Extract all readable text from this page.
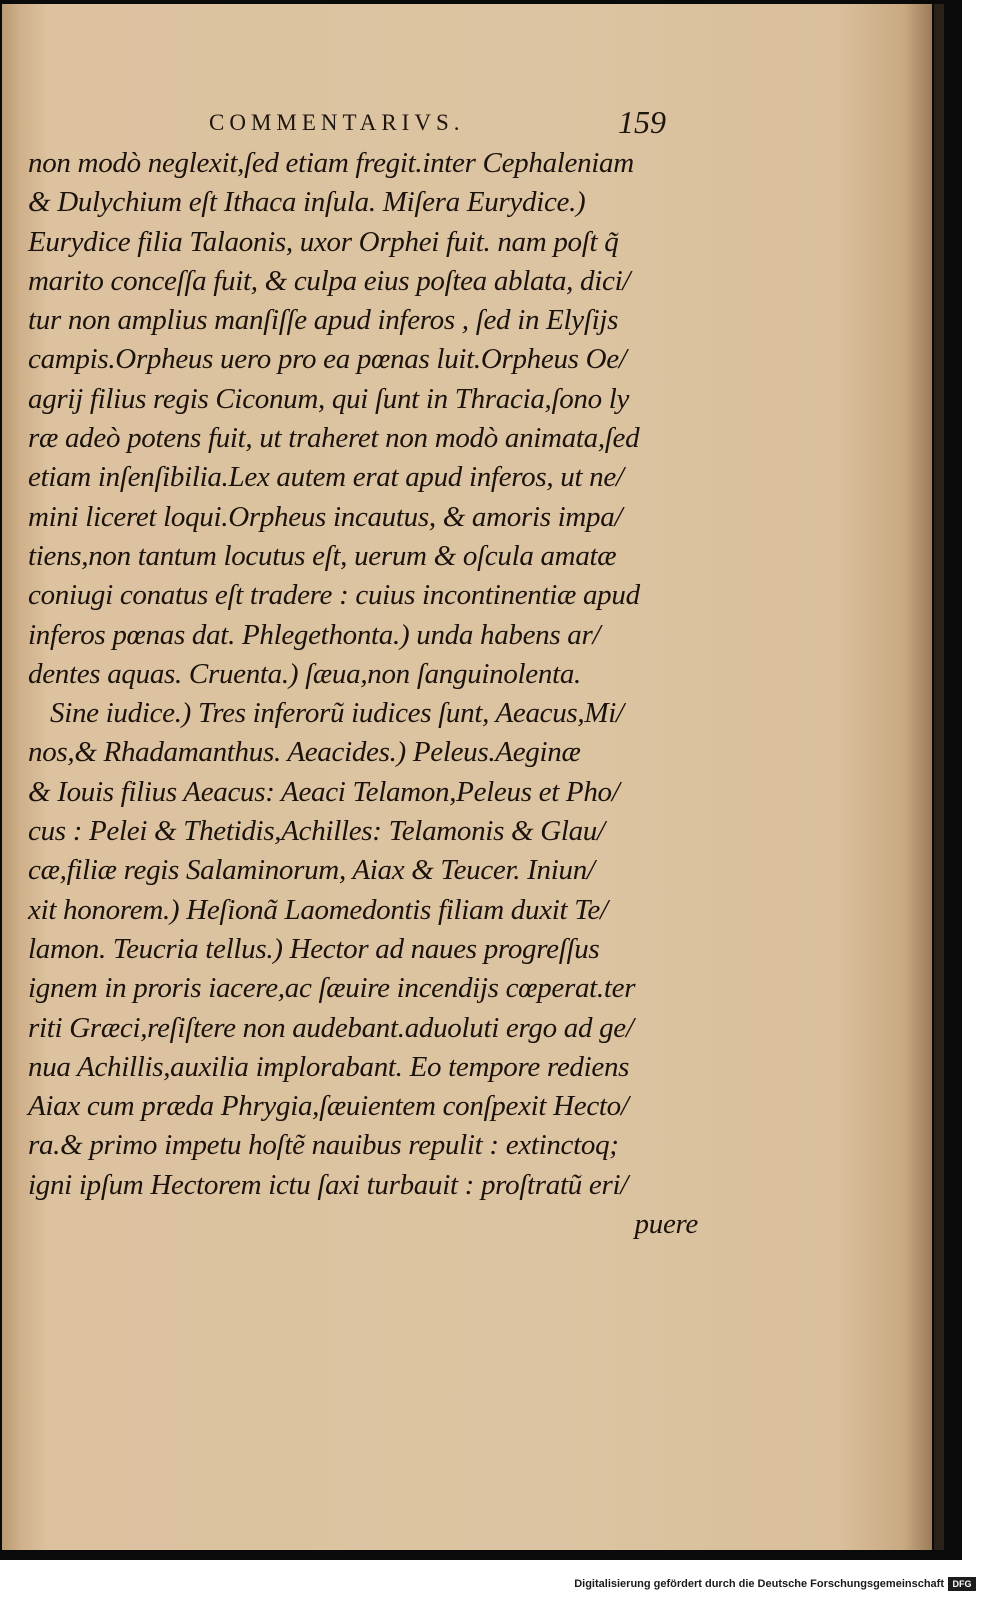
COMMENTARIVS.	159
non modò neglexit,ſed etiam fregit.inter Cephaleniam
& Dulychium eſt Ithaca inſula. Miſera Eurydice.)
Eurydice filia Talaonis, uxor Orphei fuit. nam poſt q̃
marito conceſſa fuit, & culpa eius poſtea ablata, dici/
tur non amplius manſiſſe apud inferos , ſed in Elyſijs
campis.Orpheus uero pro ea pœnas luit.Orpheus Oe/
agrij filius regis Ciconum, qui ſunt in Thracia,ſono ly
ræ adeò potens fuit, ut traheret non modò animata,ſed
etiam inſenſibilia.Lex autem erat apud inferos, ut ne/
mini liceret loqui.Orpheus incautus, & amoris impa/
tiens,non tantum locutus eſt, uerum & oſcula amatæ
coniugi conatus eſt tradere : cuius incontinentiæ apud
inferos pœnas dat. Phlegethonta.) unda habens ar/
dentes aquas. Cruenta.) ſæua,non ſanguinolenta.
Sine iudice.) Tres inferorũ iudices ſunt, Aeacus,Mi/
nos,& Rhadamanthus. Aeacides.) Peleus.Aeginæ
& Iouis filius Aeacus: Aeaci Telamon,Peleus et Pho/
cus : Pelei & Thetidis,Achilles: Telamonis & Glau/
cæ,filiæ regis Salaminorum, Aiax & Teucer. Iniun/
xit honorem.) Heſionã Laomedontis filiam duxit Te/
lamon. Teucria tellus.) Hector ad naues progreſſus
ignem in proris iacere,ac ſæuire incendijs cœperat.ter
riti Græci,reſiſtere non audebant.aduoluti ergo ad ge/
nua Achillis,auxilia implorabant. Eo tempore rediens
Aiax cum præda Phrygia,ſæuientem conſpexit Hecto/
ra.& primo impetu hoſtẽ nauibus repulit : extinctoq;
igni ipſum Hectorem ictu ſaxi turbauit : proſtratũ eri/
puere
Digitalisierung gefördert durch die Deutsche Forschungsgemeinschaft DFG
